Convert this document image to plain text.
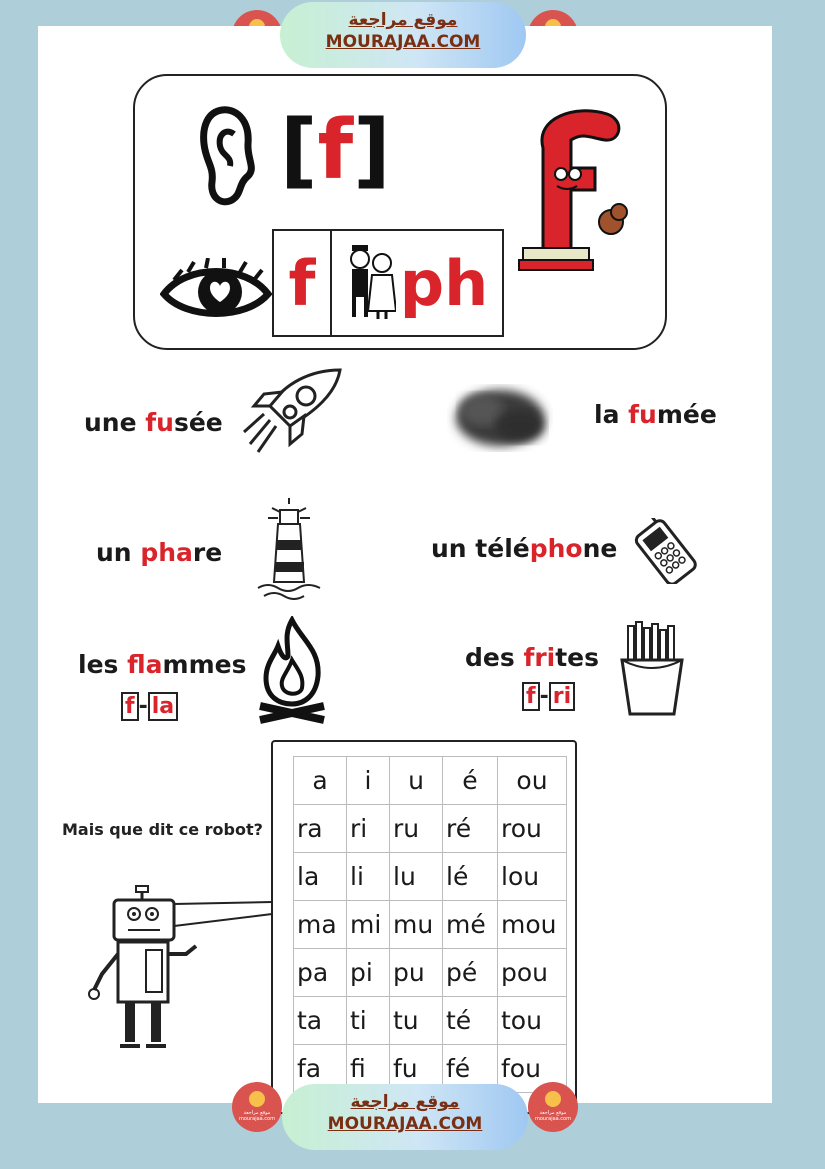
موقع مراجعة
MOURAJAA.COM
[f]
f ph
une fusée	la fumée
un phare	un téléphone
les flammes
f - la
des frites
f - ri
Mais que dit ce robot?
a	i	u	é	ou
ra	ri	ru	ré	rou
la	li	lu	lé	lou
ma	mi	mu	mé	mou
pa	pi	pu	pé	pou
ta	ti	tu	té	tou
fa	fi	fu	fé	fou
موقع مراجعة mourajaa.com
موقع مراجعة mourajaa.com
موقع مراجعة
MOURAJAA.COM
